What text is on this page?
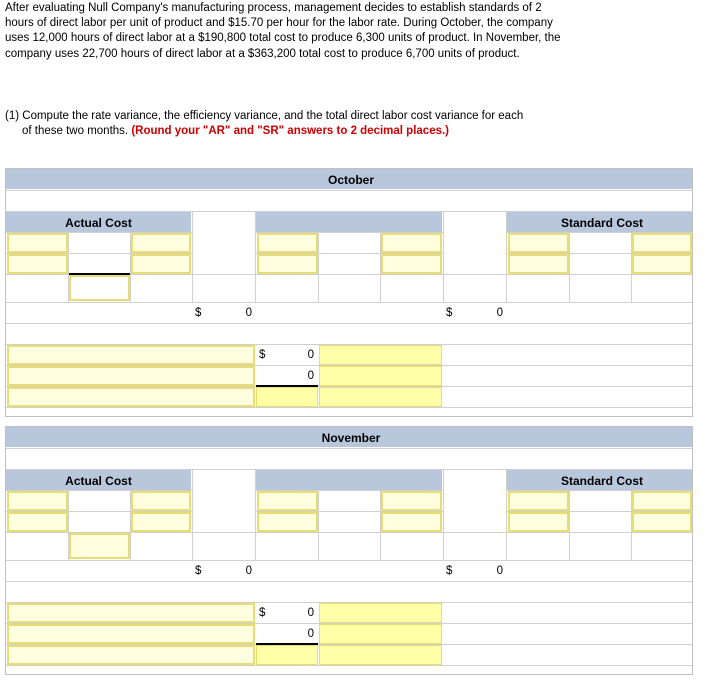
After evaluating Null Company's manufacturing process, management decides to establish standards of 2 hours of direct labor per unit of product and $15.70 per hour for the labor rate. During October, the company uses 12,000 hours of direct labor at a $190,800 total cost to produce 6,300 units of product. In November, the company uses 22,700 hours of direct labor at a $363,200 total cost to produce 6,700 units of product.

(1) Compute the rate variance, the efficiency variance, and the total direct labor cost variance for each
of these two months. (Round your "AR" and "SR" answers to 2 decimal places.)
October
Actual Cost	Standard Cost
$	0	$	0
$	0
0
November
Actual Cost	Standard Cost
$	0	$	0
$	0
0
